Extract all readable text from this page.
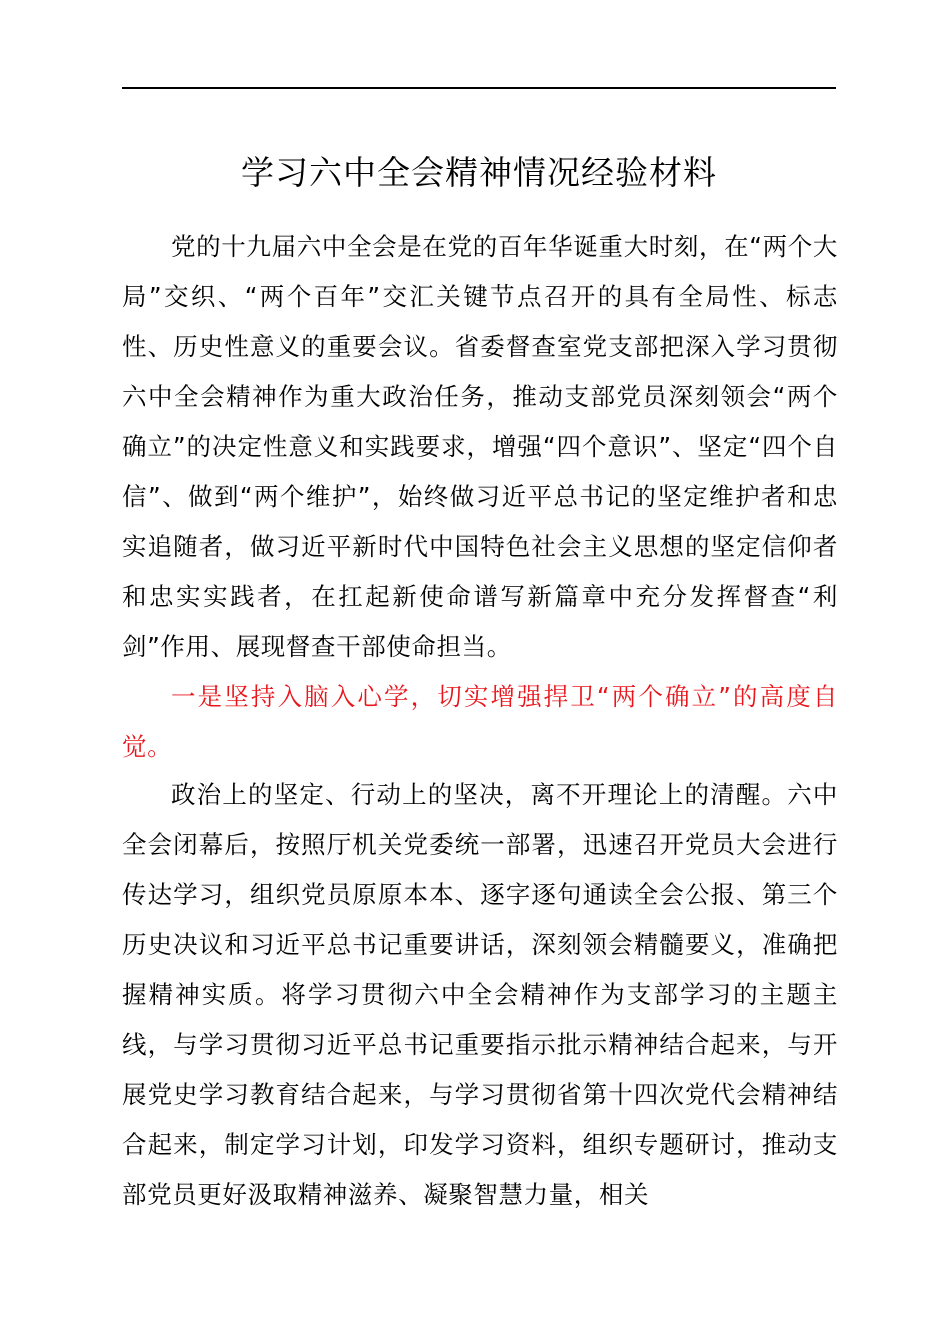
学习六中全会精神情况经验材料

党的十九届六中全会是在党的百年华诞重大时刻，在“两个大局”交织、“两个百年”交汇关键节点召开的具有全局性、标志性、历史性意义的重要会议。省委督查室党支部把深入学习贯彻六中全会精神作为重大政治任务，推动支部党员深刻领会“两个确立”的决定性意义和实践要求，增强“四个意识”、坚定“四个自信”、做到“两个维护”，始终做习近平总书记的坚定维护者和忠实追随者，做习近平新时代中国特色社会主义思想的坚定信仰者和忠实实践者，在扛起新使命谱写新篇章中充分发挥督查“利剑”作用、展现督查干部使命担当。

一是坚持入脑入心学，切实增强捍卫“两个确立”的高度自觉。

政治上的坚定、行动上的坚决，离不开理论上的清醒。六中全会闭幕后，按照厅机关党委统一部署，迅速召开党员大会进行传达学习，组织党员原原本本、逐字逐句通读全会公报、第三个历史决议和习近平总书记重要讲话，深刻领会精髓要义，准确把握精神实质。将学习贯彻六中全会精神作为支部学习的主题主线，与学习贯彻习近平总书记重要指示批示精神结合起来，与开展党史学习教育结合起来，与学习贯彻省第十四次党代会精神结合起来，制定学习计划，印发学习资料，组织专题研讨，推动支部党员更好汲取精神滋养、凝聚智慧力量，相关
